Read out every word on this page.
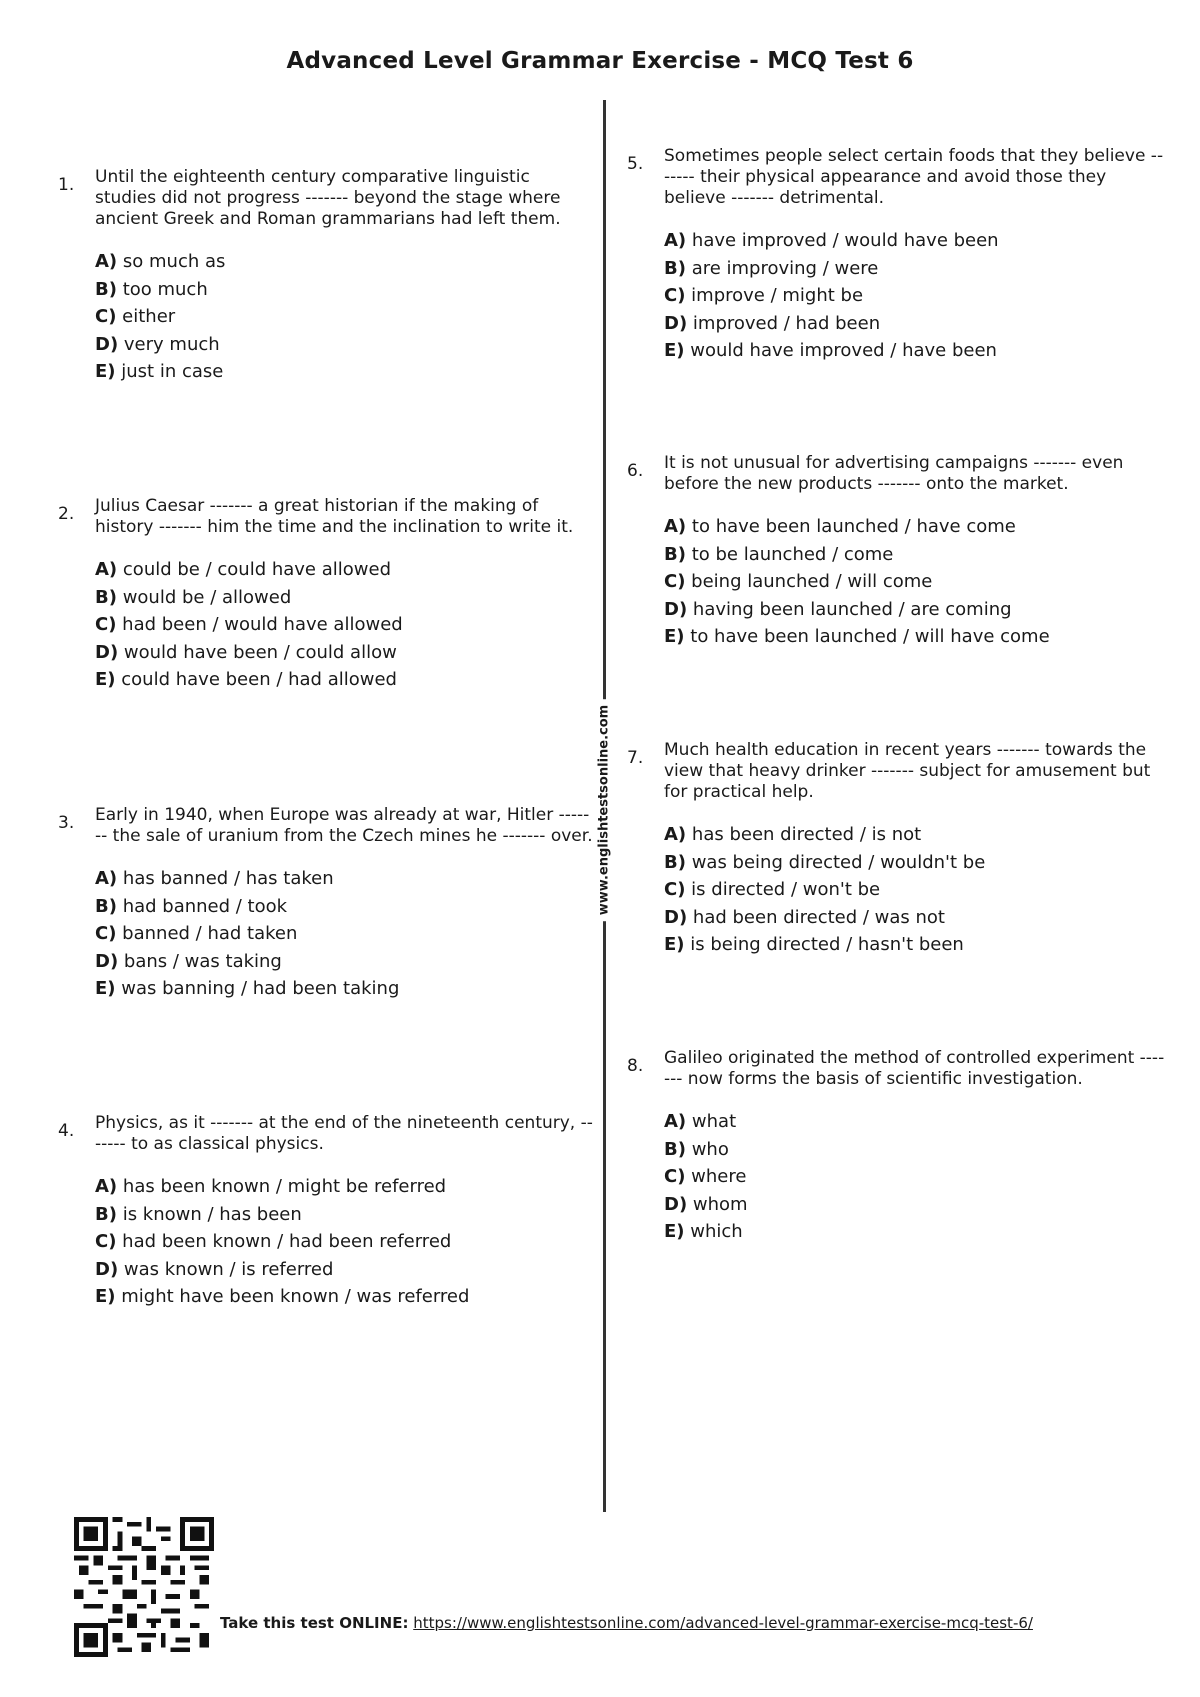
Advanced Level Grammar Exercise - MCQ Test 6
www.englishtestsonline.com
1. Until the eighteenth century comparative linguistic studies did not progress ------- beyond the stage where ancient Greek and Roman grammarians had left them.
A) so much as
B) too much
C) either
D) very much
E) just in case
2. Julius Caesar ------- a great historian if the making of history ------- him the time and the inclination to write it.
A) could be / could have allowed
B) would be / allowed
C) had been / would have allowed
D) would have been / could allow
E) could have been / had allowed
3. Early in 1940, when Europe was already at war, Hitler ------- the sale of uranium from the Czech mines he ------- over.
A) has banned / has taken
B) had banned / took
C) banned / had taken
D) bans / was taking
E) was banning / had been taking
4. Physics, as it ------- at the end of the nineteenth century, ------- to as classical physics.
A) has been known / might be referred
B) is known / has been
C) had been known / had been referred
D) was known / is referred
E) might have been known / was referred
5. Sometimes people select certain foods that they believe ------- their physical appearance and avoid those they believe ------- detrimental.
A) have improved / would have been
B) are improving / were
C) improve / might be
D) improved / had been
E) would have improved / have been
6. It is not unusual for advertising campaigns ------- even before the new products ------- onto the market.
A) to have been launched / have come
B) to be launched / come
C) being launched / will come
D) having been launched / are coming
E) to have been launched / will have come
7. Much health education in recent years ------- towards the view that heavy drinker ------- subject for amusement but for practical help.
A) has been directed / is not
B) was being directed / wouldn't be
C) is directed / won't be
D) had been directed / was not
E) is being directed / hasn't been
8. Galileo originated the method of controlled experiment ------- now forms the basis of scientific investigation.
A) what
B) who
C) where
D) whom
E) which
Take this test ONLINE: https://www.englishtestsonline.com/advanced-level-grammar-exercise-mcq-test-6/
